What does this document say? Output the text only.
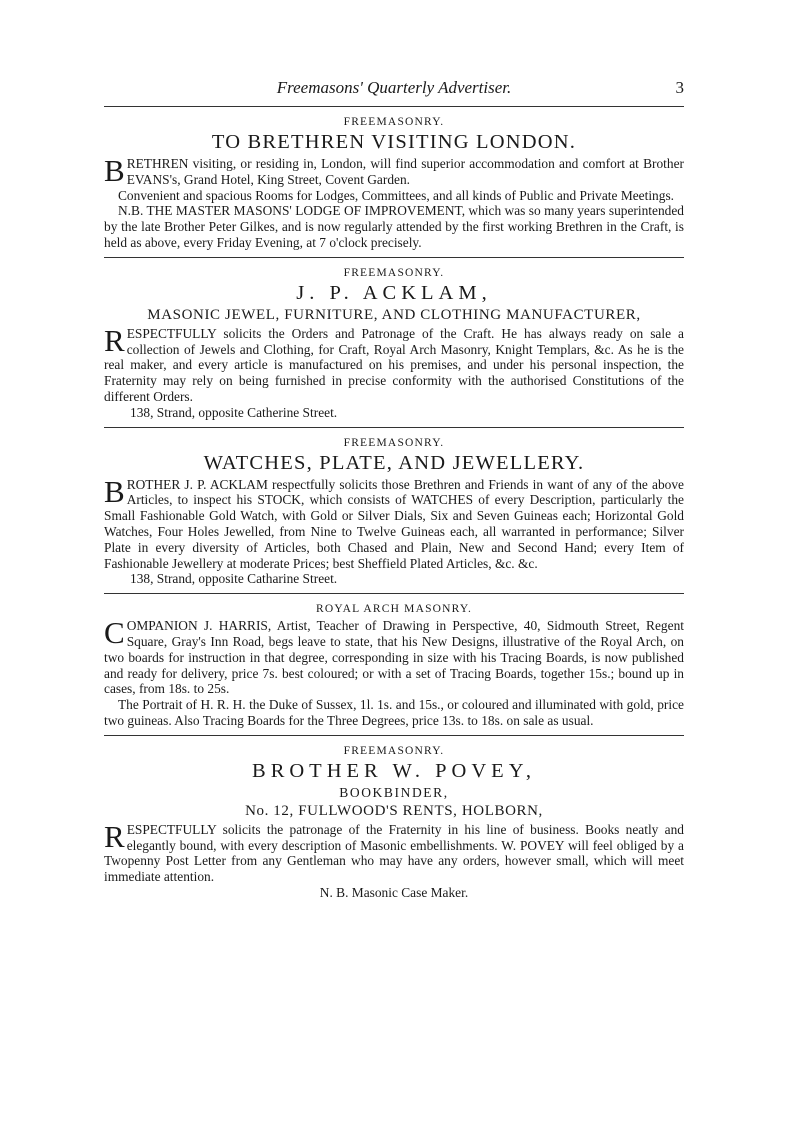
Freemasons' Quarterly Advertiser.	3
FREEMASONRY.
TO BRETHREN VISITING LONDON.

B RETHREN visiting, or residing in, London, will find superior accommodation and comfort at Brother EVANS's, Grand Hotel, King Street, Covent Garden.

Convenient and spacious Rooms for Lodges, Committees, and all kinds of Public and Private Meetings.

N.B. THE MASTER MASONS' LODGE OF IMPROVEMENT, which was so many years superintended by the late Brother Peter Gilkes, and is now regularly attended by the first working Brethren in the Craft, is held as above, every Friday Evening, at 7 o'clock precisely.

FREEMASONRY.
J. P. ACKLAM,
MASONIC JEWEL, FURNITURE, AND CLOTHING MANUFACTURER,

R ESPECTFULLY solicits the Orders and Patronage of the Craft. He has always ready on sale a collection of Jewels and Clothing, for Craft, Royal Arch Masonry, Knight Templars, &c. As he is the real maker, and every article is manufactured on his premises, and under his personal inspection, the Fraternity may rely on being furnished in precise conformity with the authorised Constitutions of the different Orders.

138, Strand, opposite Catherine Street.

FREEMASONRY.
WATCHES, PLATE, AND JEWELLERY.

B ROTHER J. P. ACKLAM respectfully solicits those Brethren and Friends in want of any of the above Articles, to inspect his STOCK, which consists of WATCHES of every Description, particularly the Small Fashionable Gold Watch, with Gold or Silver Dials, Six and Seven Guineas each; Horizontal Gold Watches, Four Holes Jewelled, from Nine to Twelve Guineas each, all warranted in performance; Silver Plate in every diversity of Articles, both Chased and Plain, New and Second Hand; every Item of Fashionable Jewellery at moderate Prices; best Sheffield Plated Articles, &c. &c.

138, Strand, opposite Catharine Street.

ROYAL ARCH MASONRY.

C OMPANION J. HARRIS, Artist, Teacher of Drawing in Perspective, 40, Sidmouth Street, Regent Square, Gray's Inn Road, begs leave to state, that his New Designs, illustrative of the Royal Arch, on two boards for instruction in that degree, corresponding in size with his Tracing Boards, is now published and ready for delivery, price 7s. best coloured; or with a set of Tracing Boards, together 15s.; bound up in cases, from 18s. to 25s.

The Portrait of H. R. H. the Duke of Sussex, 1l. 1s. and 15s., or coloured and illuminated with gold, price two guineas. Also Tracing Boards for the Three Degrees, price 13s. to 18s. on sale as usual.

FREEMASONRY.
BROTHER W. POVEY,
BOOKBINDER,
No. 12, FULLWOOD'S RENTS, HOLBORN,

R ESPECTFULLY solicits the patronage of the Fraternity in his line of business. Books neatly and elegantly bound, with every description of Masonic embellishments. W. POVEY will feel obliged by a Twopenny Post Letter from any Gentleman who may have any orders, however small, which will meet immediate attention.

N. B. Masonic Case Maker.
